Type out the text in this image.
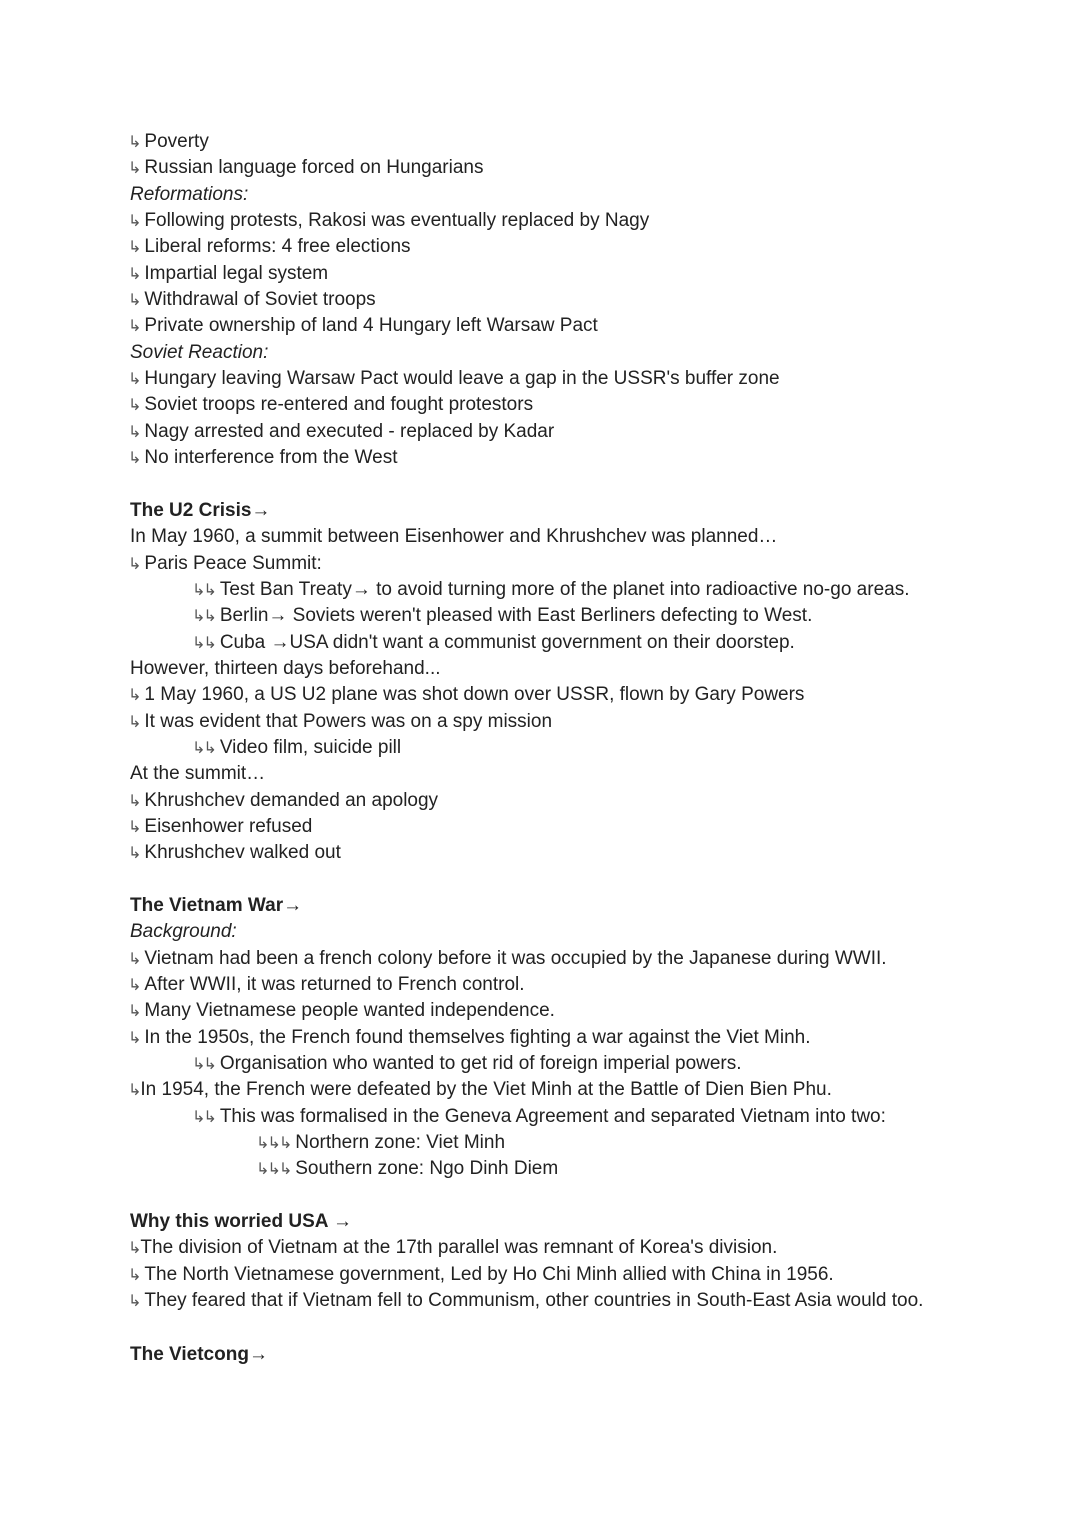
↳ Poverty
↳ Russian language forced on Hungarians
Reformations:
↳ Following protests, Rakosi was eventually replaced by Nagy
↳ Liberal reforms: 4 free elections
↳ Impartial legal system
↳ Withdrawal of Soviet troops
↳ Private ownership of land 4 Hungary left Warsaw Pact
Soviet Reaction:
↳ Hungary leaving Warsaw Pact would leave a gap in the USSR's buffer zone
↳ Soviet troops re-entered and fought protestors
↳ Nagy arrested and executed - replaced by Kadar
↳ No interference from the West
The U2 Crisis→
In May 1960, a summit between Eisenhower and Khrushchev was planned…
↳ Paris Peace Summit:
↳↳ Test Ban Treaty→ to avoid turning more of the planet into radioactive no-go areas.
↳↳ Berlin→ Soviets weren't pleased with East Berliners defecting to West.
↳↳ Cuba →USA didn't want a communist government on their doorstep.
However, thirteen days beforehand...
↳ 1 May 1960, a US U2 plane was shot down over USSR, flown by Gary Powers
↳ It was evident that Powers was on a spy mission
↳↳ Video film, suicide pill
At the summit…
↳ Khrushchev demanded an apology
↳ Eisenhower refused
↳ Khrushchev walked out
The Vietnam War→
Background:
↳ Vietnam had been a french colony before it was occupied by the Japanese during WWII.
↳ After WWII, it was returned to French control.
↳ Many Vietnamese people wanted independence.
↳ In the 1950s, the French found themselves fighting a war against the Viet Minh.
↳↳ Organisation who wanted to get rid of foreign imperial powers.
↳In 1954, the French were defeated by the Viet Minh at the Battle of Dien Bien Phu.
↳↳ This was formalised in the Geneva Agreement and separated Vietnam into two:
↳↳↳ Northern zone: Viet Minh
↳↳↳ Southern zone: Ngo Dinh Diem
Why this worried USA →
↳The division of Vietnam at the 17th parallel was remnant of Korea's division.
↳ The North Vietnamese government, Led by Ho Chi Minh allied with China in 1956.
↳ They feared that if Vietnam fell to Communism, other countries in South-East Asia would too.
The Vietcong→
